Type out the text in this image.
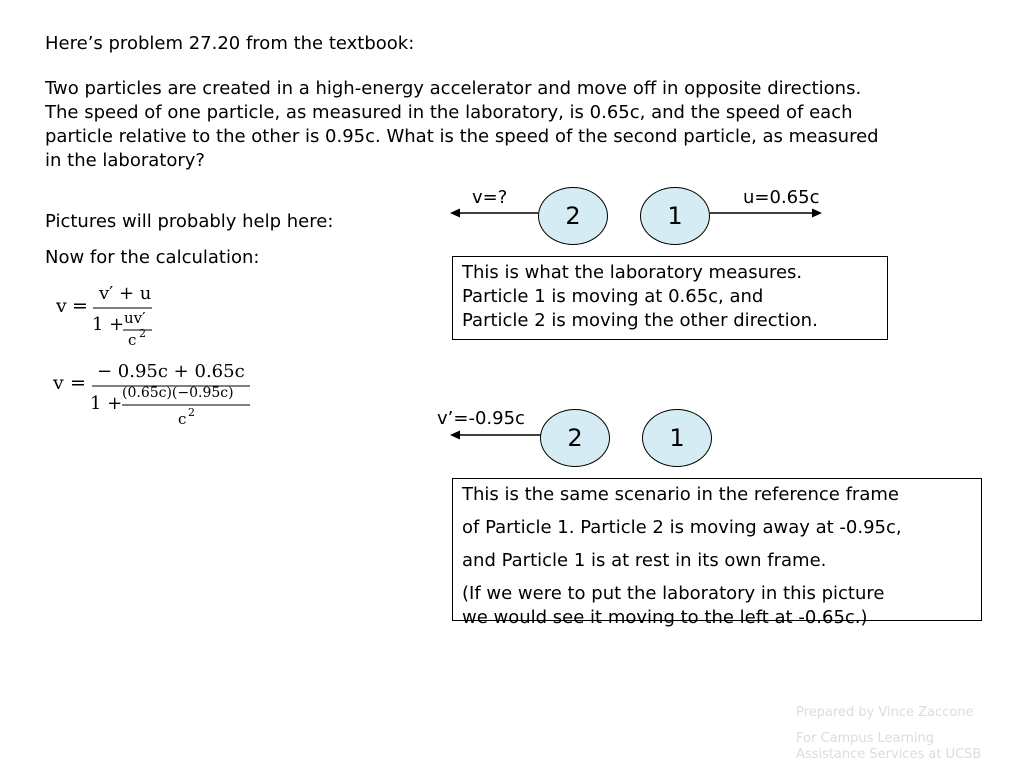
Here’s problem 27.20 from the textbook:
Two particles are created in a high-energy accelerator and move off in opposite directions.
The speed of one particle, as measured in the laboratory, is 0.65c, and the speed of each
particle relative to the other is 0.95c. What is the speed of the second particle, as measured
in the laboratory?
Pictures will probably help here:
Now for the calculation:
v =
v′ + u
1 + uv′
c 2
v =
− 0.95c + 0.65c
1 + (0.65c)(−0.95c)
c 2
v=?	u=0.65c
2	1

This is what the laboratory measures.

Particle 1 is moving at 0.65c, and

Particle 2 is moving the other direction.

v’=-0.95c
2	1

This is the same scenario in the reference frame

of Particle 1. Particle 2 is moving away at -0.95c,

and Particle 1 is at rest in its own frame.

(If we were to put the laboratory in this picture

we would see it moving to the left at -0.65c.)

Prepared by Vince Zaccone
For Campus Learning
Assistance Services at UCSB
